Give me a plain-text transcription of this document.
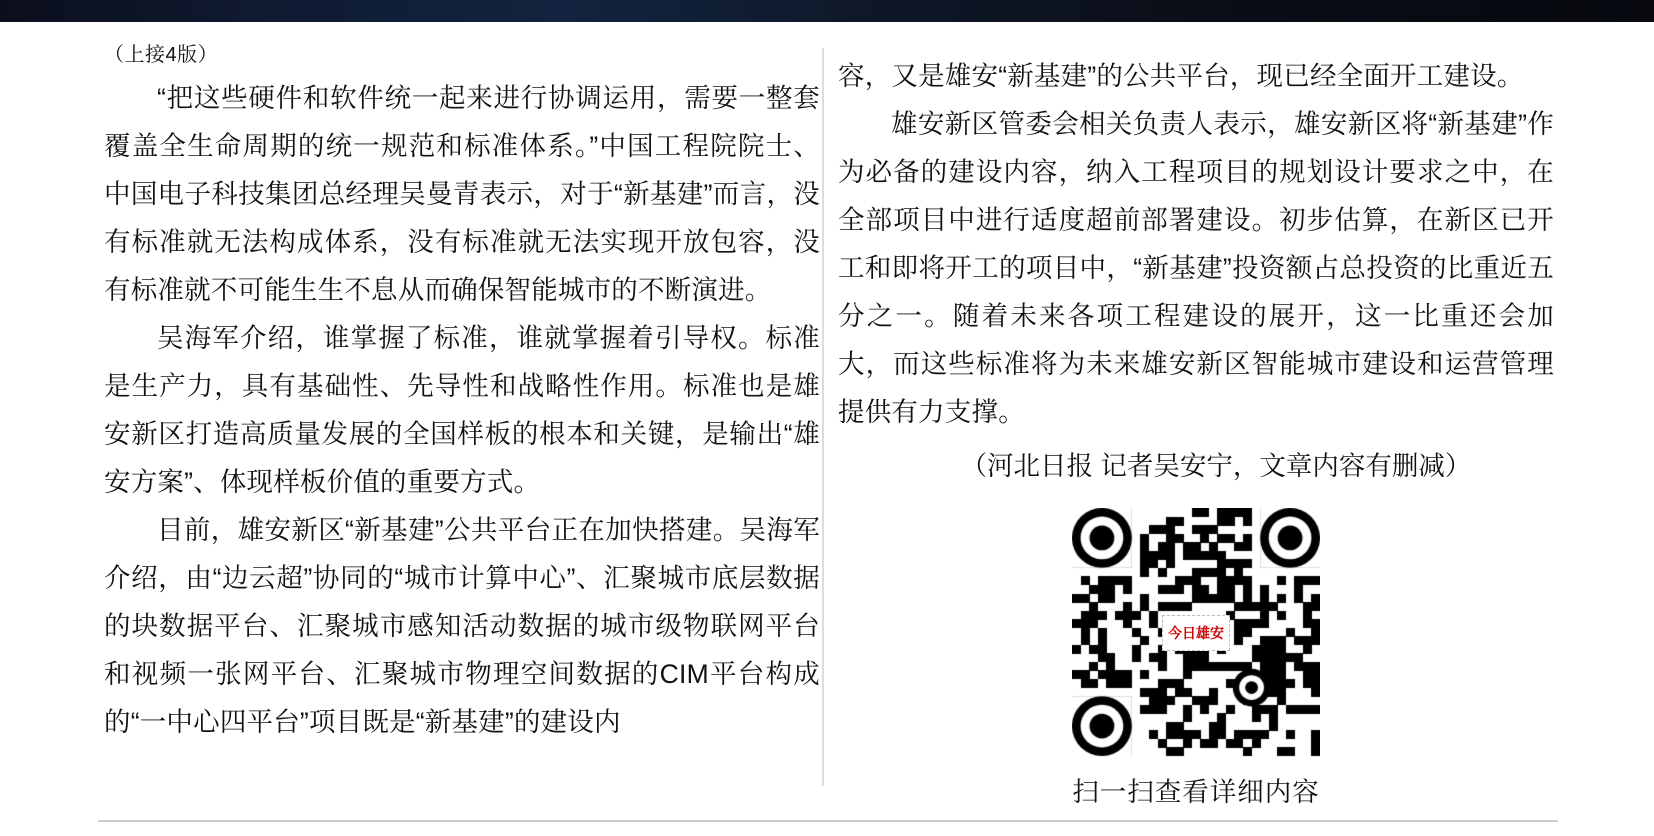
（上接4版）

“把这些硬件和软件统一起来进行协调运用，需要一整套覆盖全生命周期的统一规范和标准体系。”中国工程院院士、中国电子科技集团总经理吴曼青表示，对于“新基建”而言，没有标准就无法构成体系，没有标准就无法实现开放包容，没有标准就不可能生生不息从而确保智能城市的不断演进。

吴海军介绍，谁掌握了标准，谁就掌握着引导权。标准是生产力，具有基础性、先导性和战略性作用。标准也是雄安新区打造高质量发展的全国样板的根本和关键，是输出“雄安方案”、体现样板价值的重要方式。

目前，雄安新区“新基建”公共平台正在加快搭建。吴海军介绍，由“边云超”协同的“城市计算中心”、汇聚城市底层数据的块数据平台、汇聚城市感知活动数据的城市级物联网平台和视频一张网平台、汇聚城市物理空间数据的CIM平台构成的“一中心四平台”项目既是“新基建”的建设内

容，又是雄安“新基建”的公共平台，现已经全面开工建设。

雄安新区管委会相关负责人表示，雄安新区将“新基建”作为必备的建设内容，纳入工程项目的规划设计要求之中，在全部项目中进行适度超前部署建设。初步估算，在新区已开工和即将开工的项目中，“新基建”投资额占总投资的比重近五分之一。随着未来各项工程建设的展开，这一比重还会加大，而这些标准将为未来雄安新区智能城市建设和运营管理提供有力支撑。

（河北日报 记者吴安宁，文章内容有删减）

今日雄安
扫一扫查看详细内容
